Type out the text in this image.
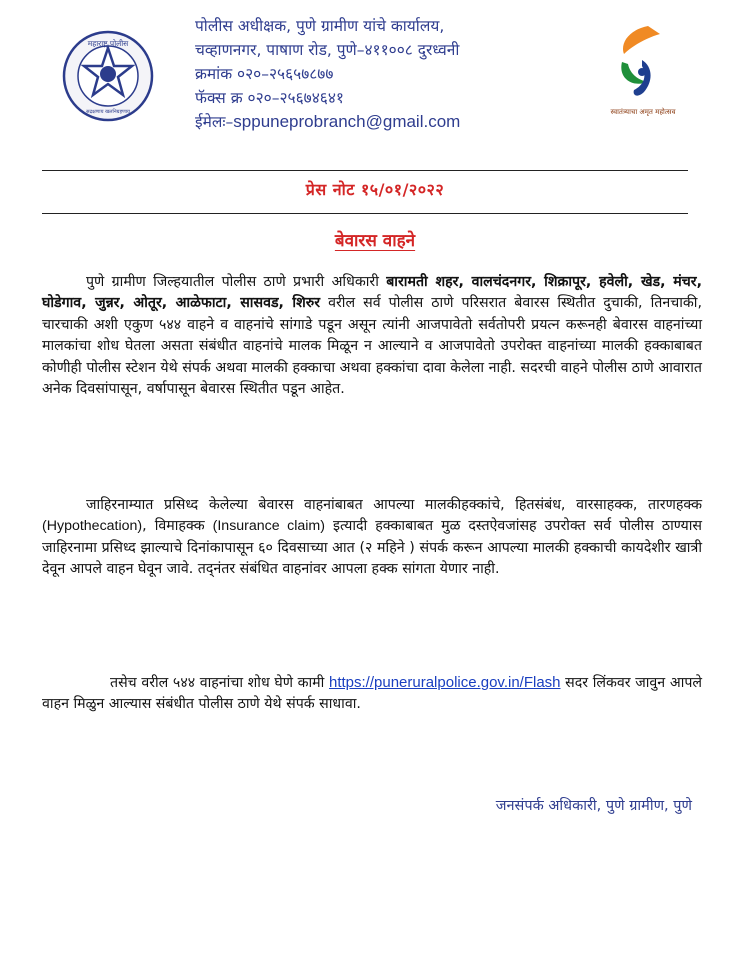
महाराष्ट्र पोलीस
सद्रक्षणाय खलनिग्रहणाय
पोलीस अधीक्षक, पुणे ग्रामीण यांचे कार्यालय,
चव्हाणनगर, पाषाण रोड, पुणे–४११००८ दुरध्वनी
क्रमांक ०२०–२५६५७८७७
फॅक्स क्र ०२०–२५६७४६४१
ईमेलः–sppuneprobranch@gmail.com	स्वातंत्र्याचा अमृत महोत्सव
प्रेस नोट १५/०१/२०२२
बेवारस वाहने
पुणे ग्रामीण जिल्हयातील पोलीस ठाणे प्रभारी अधिकारी बारामती शहर, वालचंदनगर, शिक्रापूर, हवेली, खेड, मंचर, घोडेगाव, जुन्नर, ओतूर, आळेफाटा, सासवड, शिरुर वरील सर्व पोलीस ठाणे परिसरात बेवारस स्थितीत दुचाकी, तिनचाकी, चारचाकी अशी एकुण ५४४ वाहने व वाहनांचे सांगाडे पडून असून त्यांनी आजपावेतो सर्वतोपरी प्रयत्न करूनही बेवारस वाहनांच्या मालकांचा शोध घेतला असता संबंधीत वाहनांचे मालक मिळून न आल्याने व आजपावेतो उपरोक्त वाहनांच्या मालकी हक्काबाबत कोणीही पोलीस स्टेशन येथे संपर्क अथवा मालकी हक्काचा अथवा हक्कांचा दावा केलेला नाही. सदरची वाहने पोलीस ठाणे आवारात अनेक दिवसांपासून, वर्षापासून बेवारस स्थितीत पडून आहेत.
जाहिरनाम्यात प्रसिध्द केलेल्या बेवारस वाहनांबाबत आपल्या मालकीहक्कांचे, हितसंबंध, वारसाहक्क, तारणहक्क (Hypothecation), विमाहक्क (Insurance claim) इत्यादी हक्काबाबत मुळ दस्तऐवजांसह उपरोक्त सर्व पोलीस ठाण्यास जाहिरनामा प्रसिध्द झाल्याचे दिनांकापासून ६० दिवसाच्या आत (२ महिने ) संपर्क करून आपल्या मालकी हक्काची कायदेशीर खात्री देवून आपले वाहन घेवून जावे. तद्नंतर संबंधित वाहनांवर आपला हक्क सांगता येणार नाही.
तसेच वरील ५४४ वाहनांचा शोध घेणे कामी https://puneruralpolice.gov.in/Flash सदर लिंकवर जावुन आपले वाहन मिळुन आल्यास संबंधीत पोलीस ठाणे येथे संपर्क साधावा.
जनसंपर्क अधिकारी, पुणे ग्रामीण, पुणे
